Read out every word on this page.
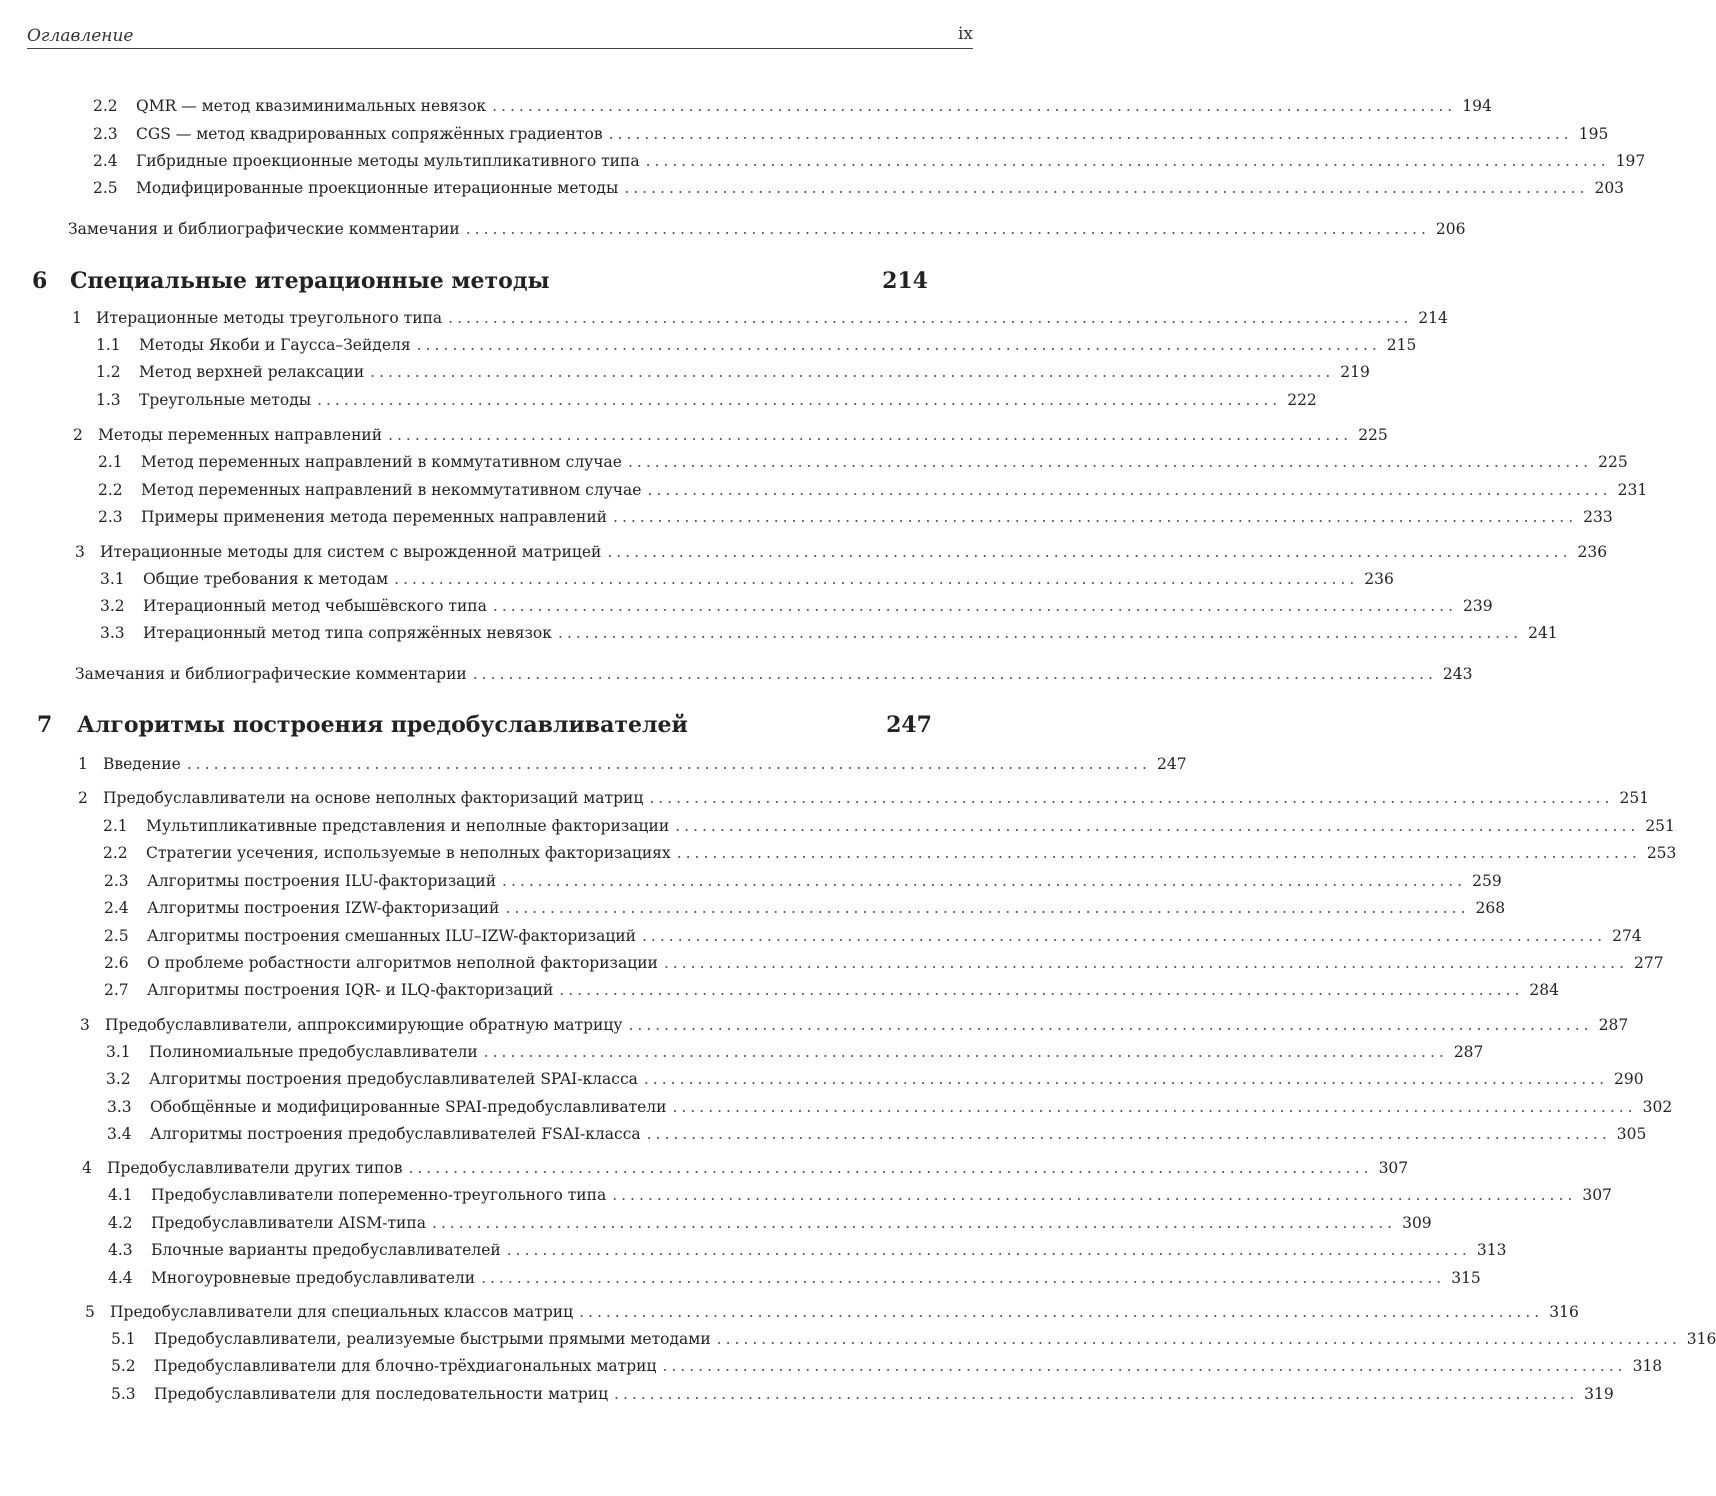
Оглавление	ix
2.2	QMR — метод квазиминимальных невязок ............................................................................................................ 194
2.3	CGS — метод квадрированных сопряжённых градиентов ............................................................................................................ 195
2.4	Гибридные проекционные методы мультипликативного типа ............................................................................................................ 197
2.5	Модифицированные проекционные итерационные методы ............................................................................................................ 203
Замечания и библиографические комментарии ............................................................................................................ 206
6	Специальные итерационные методы	214
1 Итерационные методы треугольного типа ............................................................................................................ 214
1.1	Методы Якоби и Гаусса–Зейделя ............................................................................................................ 215
1.2	Метод верхней релаксации ............................................................................................................ 219
1.3	Треугольные методы ............................................................................................................ 222
2 Методы переменных направлений ............................................................................................................ 225
2.1	Метод переменных направлений в коммутативном случае ............................................................................................................ 225
2.2	Метод переменных направлений в некоммутативном случае ............................................................................................................ 231
2.3	Примеры применения метода переменных направлений ............................................................................................................ 233
3 Итерационные методы для систем с вырожденной матрицей ............................................................................................................ 236
3.1	Общие требования к методам ............................................................................................................ 236
3.2	Итерационный метод чебышёвского типа ............................................................................................................ 239
3.3	Итерационный метод типа сопряжённых невязок ............................................................................................................ 241
Замечания и библиографические комментарии ............................................................................................................ 243
7	Алгоритмы построения предобуславливателей	247
1 Введение ............................................................................................................ 247
2 Предобуславливатели на основе неполных факторизаций матриц ............................................................................................................ 251
2.1	Мультипликативные представления и неполные факторизации ............................................................................................................ 251
2.2	Стратегии усечения, используемые в неполных факторизациях ............................................................................................................ 253
2.3	Алгоритмы построения ILU-факторизаций ............................................................................................................ 259
2.4	Алгоритмы построения IZW-факторизаций ............................................................................................................ 268
2.5	Алгоритмы построения смешанных ILU–IZW-факторизаций ............................................................................................................ 274
2.6	О проблеме робастности алгоритмов неполной факторизации ............................................................................................................ 277
2.7	Алгоритмы построения IQR- и ILQ-факторизаций ............................................................................................................ 284
3 Предобуславливатели, аппроксимирующие обратную матрицу ............................................................................................................ 287
3.1	Полиномиальные предобуславливатели ............................................................................................................ 287
3.2	Алгоритмы построения предобуславливателей SPAI-класса ............................................................................................................ 290
3.3	Обобщённые и модифицированные SPAI-предобуславливатели ............................................................................................................ 302
3.4	Алгоритмы построения предобуславливателей FSAI-класса ............................................................................................................ 305
4 Предобуславливатели других типов ............................................................................................................ 307
4.1	Предобуславливатели попеременно-треугольного типа ............................................................................................................ 307
4.2	Предобуславливатели AISM-типа ............................................................................................................ 309
4.3	Блочные варианты предобуславливателей ............................................................................................................ 313
4.4	Многоуровневые предобуславливатели ............................................................................................................ 315
5 Предобуславливатели для специальных классов матриц ............................................................................................................ 316
5.1	Предобуславливатели, реализуемые быстрыми прямыми методами ............................................................................................................ 316
5.2	Предобуславливатели для блочно-трёхдиагональных матриц ............................................................................................................ 318
5.3	Предобуславливатели для последовательности матриц ............................................................................................................ 319
